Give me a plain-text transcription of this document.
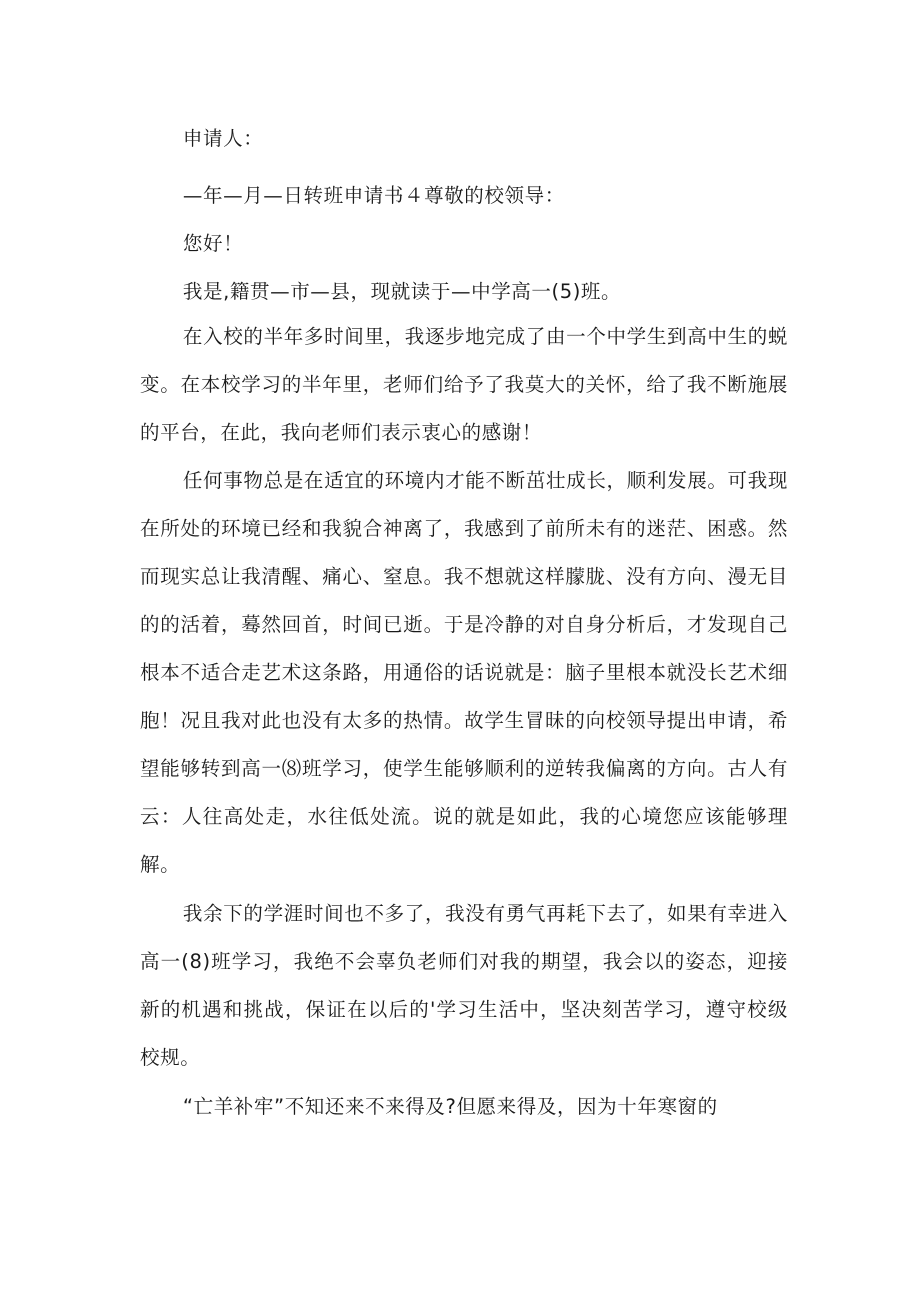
申请人：

—年—月—日转班申请书４尊敬的校领导：

您好！

我是,籍贯—市—县，现就读于—中学高一(5)班。

在入校的半年多时间里，我逐步地完成了由一个中学生到高中生的蜕变。在本校学习的半年里，老师们给予了我莫大的关怀，给了我不断施展的平台，在此，我向老师们表示衷心的感谢！

任何事物总是在适宜的环境内才能不断茁壮成长，顺利发展。可我现在所处的环境已经和我貌合神离了，我感到了前所未有的迷茫、困惑。然而现实总让我清醒、痛心、窒息。我不想就这样朦胧、没有方向、漫无目的的活着，蓦然回首，时间已逝。于是冷静的对自身分析后，才发现自己根本不适合走艺术这条路，用通俗的话说就是：脑子里根本就没长艺术细胞！况且我对此也没有太多的热情。故学生冒昧的向校领导提出申请，希望能够转到高一⑻班学习，使学生能够顺利的逆转我偏离的方向。古人有云：人往高处走，水往低处流。说的就是如此，我的心境您应该能够理解。

我余下的学涯时间也不多了，我没有勇气再耗下去了，如果有幸进入高一(8)班学习，我绝不会辜负老师们对我的期望，我会以的姿态，迎接新的机遇和挑战，保证在以后的'学习生活中，坚决刻苦学习，遵守校级校规。

“亡羊补牢”不知还来不来得及?但愿来得及，因为十年寒窗的
